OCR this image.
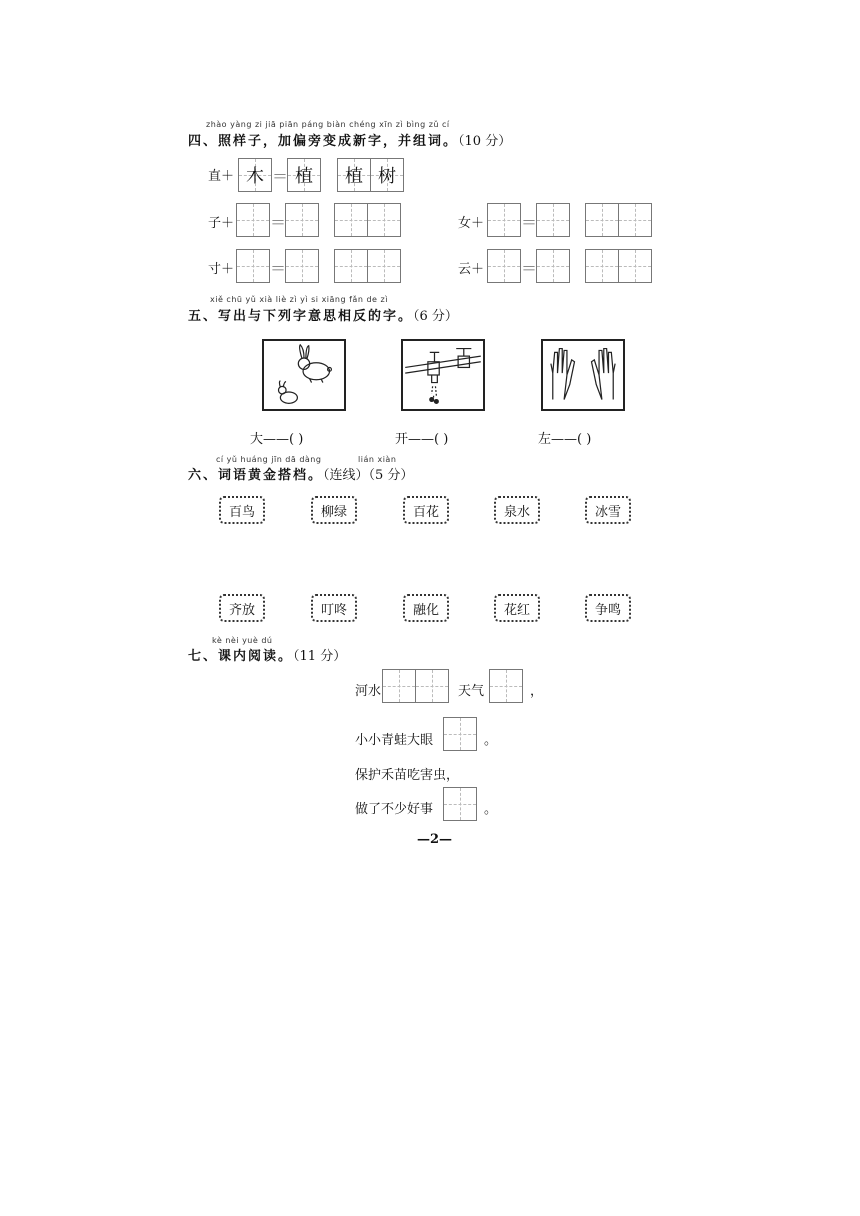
zhào yàng zi jiā piān páng biàn chéng xīn zì bìng zǔ cí
四、照样子，加偏旁变成新字，并组词。（10 分）
直＋ 木 ＝ 植 植 树
子＋ ＝
寸＋ ＝
女＋ ＝
云＋ ＝
xiě chū yǔ xià liè zì yì si xiāng fǎn de zì
五、写出与下列字意思相反的字。（6 分）
大——( )	开——( )	左——( )
cí yǔ huáng jīn dā dàng	lián xiàn
六、词语黄金搭档。（连线）（5 分）
百鸟	柳绿	百花	泉水	冰雪
齐放	叮咚	融化	花红	争鸣
kè nèi yuè dú
七、课内阅读。（11 分）
河水	天气	，
小小青蛙大眼	。
保护禾苗吃害虫，
做了不少好事	。
—2—
